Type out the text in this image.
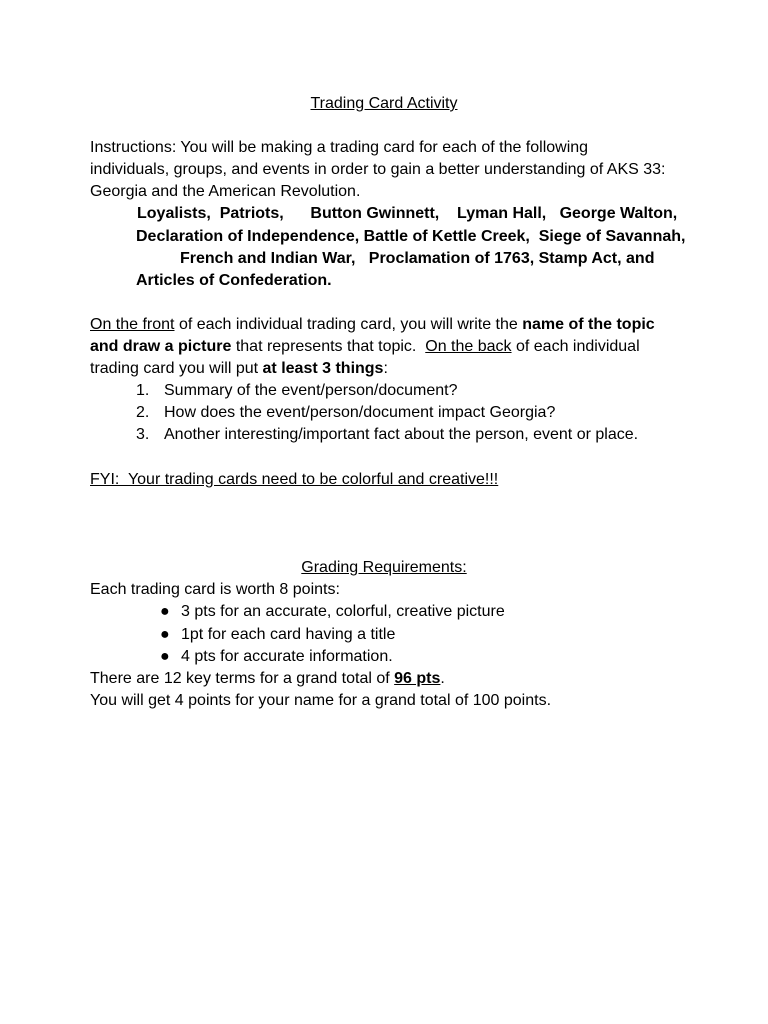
Trading Card Activity
Instructions: You will be making a trading card for each of the following
individuals, groups, and events in order to gain a better understanding of AKS 33:
Georgia and the American Revolution.
Loyalists,  Patriots,      Button Gwinnett,    Lyman Hall,   George Walton,
Declaration of Independence, Battle of Kettle Creek,  Siege of Savannah,
French and Indian War,   Proclamation of 1763, Stamp Act, and
Articles of Confederation.
On the front of each individual trading card, you will write the name of the topic
and draw a picture that represents that topic.  On the back of each individual
trading card you will put at least 3 things:
1. Summary of the event/person/document?
2. How does the event/person/document impact Georgia?
3. Another interesting/important fact about the person, event or place.
FYI:  Your trading cards need to be colorful and creative!!!
Grading Requirements:
Each trading card is worth 8 points:
● 3 pts for an accurate, colorful, creative picture
● 1pt for each card having a title
● 4 pts for accurate information.
There are 12 key terms for a grand total of 96 pts.
You will get 4 points for your name for a grand total of 100 points.
